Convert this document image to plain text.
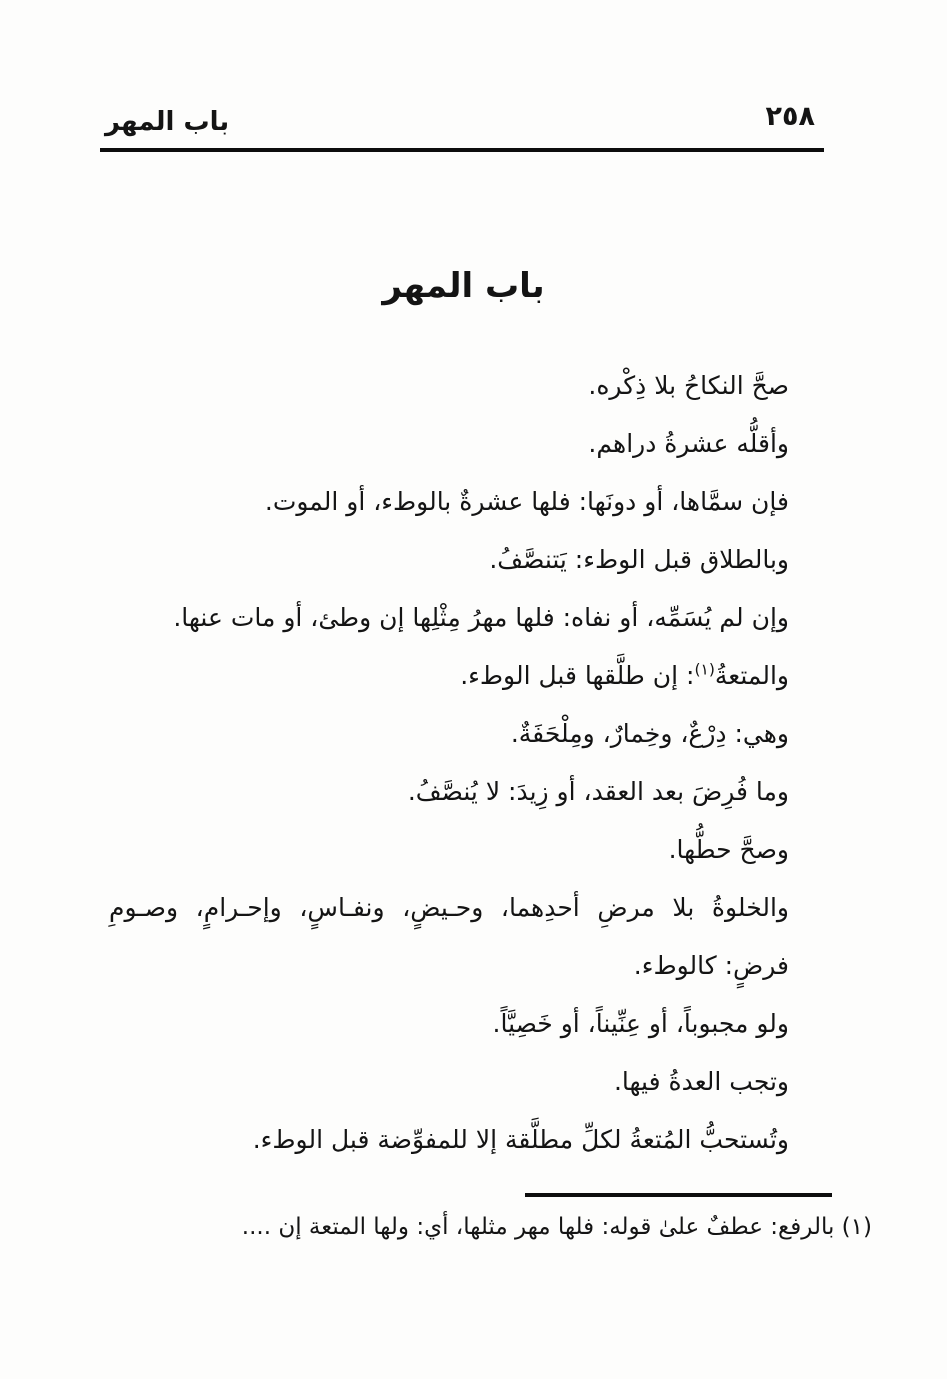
باب المهر	٢٥٨
باب المهر

صحَّ النكاحُ بلا ذِكْره.

وأقلُّه عشرةُ دراهم.

فإن سمَّاها، أو دونَها: فلها عشرةٌ بالوطء، أو الموت.

وبالطلاق قبل الوطء: يَتنصَّفُ.

وإن لم يُسَمِّه، أو نفاه: فلها مهرُ مِثْلِها إن وطئ، أو مات عنها.

والمتعةُ$^{(١)}$: إن طلَّقها قبل الوطء.

وهي: دِرْعٌ، وخِمارٌ، ومِلْحَفَةٌ.

وما فُرِضَ بعد العقد، أو زِيدَ: لا يُنصَّفُ.

وصحَّ حطُّها.

والخلوةُ بلا مرضِ أحدِهما، وحـيضٍ، ونفـاسٍ، وإحـرامٍ، وصـومِ

فرضٍ: كالوطء.

ولو مجبوباً، أو عِنِّيناً، أو خَصِيَّاً.

وتجب العدةُ فيها.

وتُستحبُّ المُتعةُ لكلِّ مطلَّقة إلا للمفوِّضة قبل الوطء.

(١) بالرفع: عطفٌ علىٰ قوله: فلها مهر مثلها، أي: ولها المتعة إن ....
